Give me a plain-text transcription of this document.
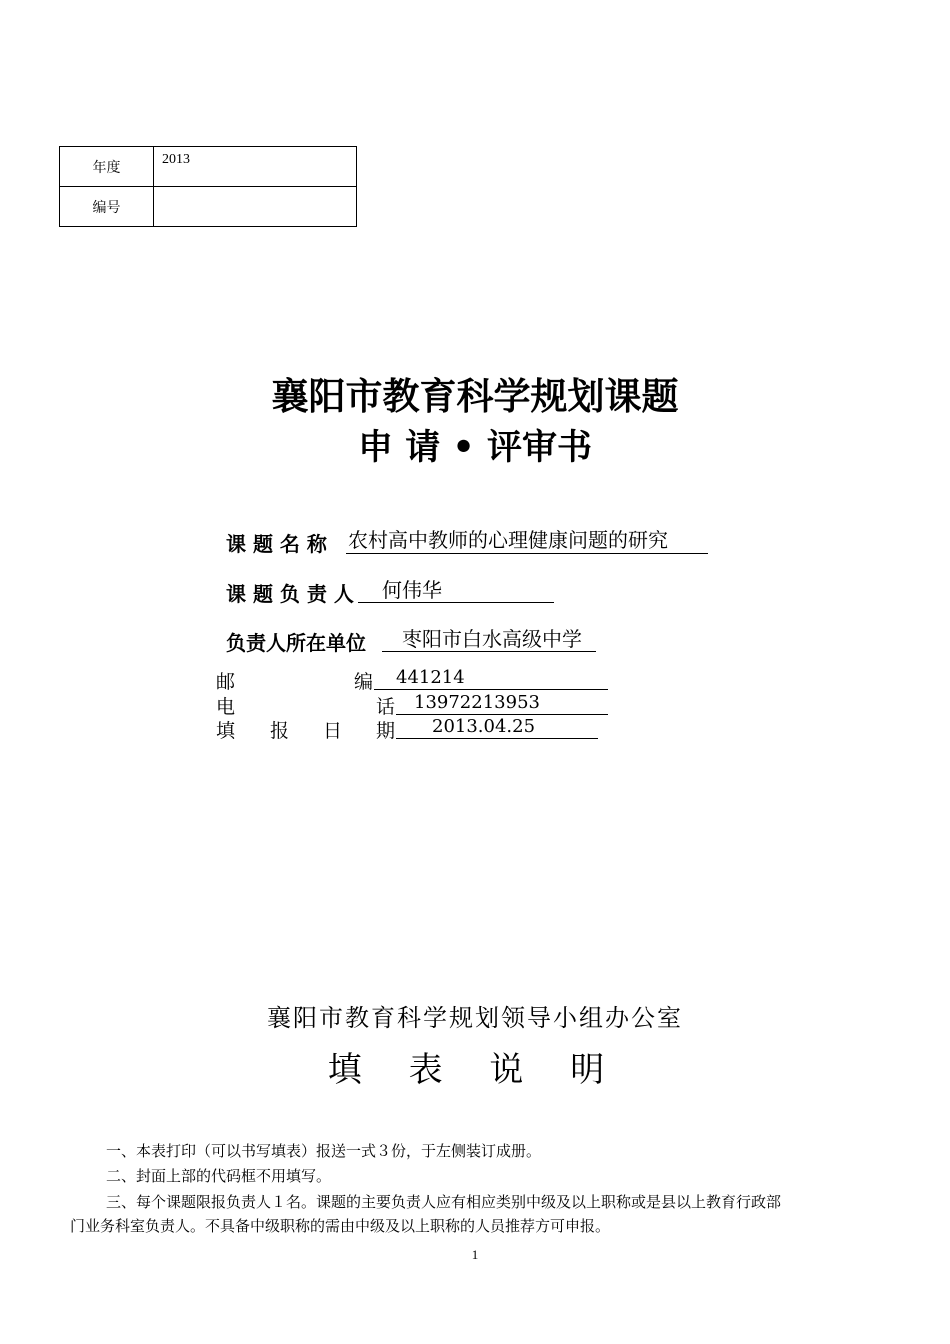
年度	2013
编号	
襄阳市教育科学规划课题
申 请 • 评审书
课 题 名 称 农村高中教师的心理健康问题的研究
课 题 负 责 人	何伟华
负责人所在单位	枣阳市白水高级中学
邮	编	441214
电	话	13972213953
填 报 日 期	2013.04.25
襄阳市教育科学规划领导小组办公室
填 表 说 明
一、本表打印（可以书写填表）报送一式３份，于左侧装订成册。
二、封面上部的代码框不用填写。
三、每个课题限报负责人１名。课题的主要负责人应有相应类别中级及以上职称或是县以上教育行政部
门业务科室负责人。不具备中级职称的需由中级及以上职称的人员推荐方可申报。
1
